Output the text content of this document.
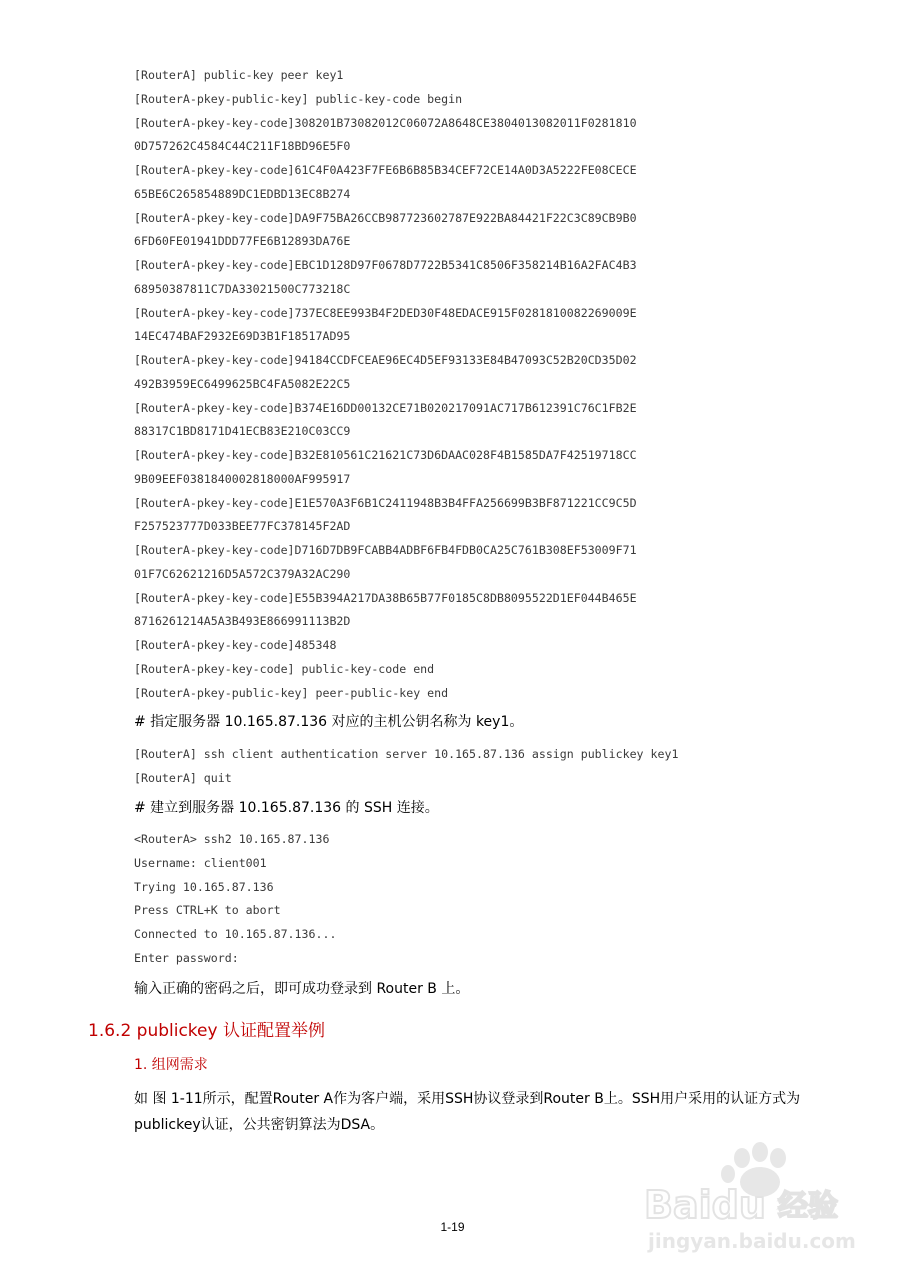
[RouterA] public-key peer key1
[RouterA-pkey-public-key] public-key-code begin
[RouterA-pkey-key-code]308201B73082012C06072A8648CE3804013082011F0281810
0D757262C4584C44C211F18BD96E5F0
[RouterA-pkey-key-code]61C4F0A423F7FE6B6B85B34CEF72CE14A0D3A5222FE08CECE
65BE6C265854889DC1EDBD13EC8B274
[RouterA-pkey-key-code]DA9F75BA26CCB987723602787E922BA84421F22C3C89CB9B0
6FD60FE01941DDD77FE6B12893DA76E
[RouterA-pkey-key-code]EBC1D128D97F0678D7722B5341C8506F358214B16A2FAC4B3
68950387811C7DA33021500C773218C
[RouterA-pkey-key-code]737EC8EE993B4F2DED30F48EDACE915F0281810082269009E
14EC474BAF2932E69D3B1F18517AD95
[RouterA-pkey-key-code]94184CCDFCEAE96EC4D5EF93133E84B47093C52B20CD35D02
492B3959EC6499625BC4FA5082E22C5
[RouterA-pkey-key-code]B374E16DD00132CE71B020217091AC717B612391C76C1FB2E
88317C1BD8171D41ECB83E210C03CC9
[RouterA-pkey-key-code]B32E810561C21621C73D6DAAC028F4B1585DA7F42519718CC
9B09EEF0381840002818000AF995917
[RouterA-pkey-key-code]E1E570A3F6B1C2411948B3B4FFA256699B3BF871221CC9C5D
F257523777D033BEE77FC378145F2AD
[RouterA-pkey-key-code]D716D7DB9FCABB4ADBF6FB4FDB0CA25C761B308EF53009F71
01F7C62621216D5A572C379A32AC290
[RouterA-pkey-key-code]E55B394A217DA38B65B77F0185C8DB8095522D1EF044B465E
8716261214A5A3B493E866991113B2D
[RouterA-pkey-key-code]485348
[RouterA-pkey-key-code] public-key-code end
[RouterA-pkey-public-key] peer-public-key end
# 指定服务器 10.165.87.136 对应的主机公钥名称为 key1。
[RouterA] ssh client authentication server 10.165.87.136 assign publickey key1
[RouterA] quit
# 建立到服务器 10.165.87.136 的 SSH 连接。
<RouterA> ssh2 10.165.87.136
Username: client001
Trying 10.165.87.136
Press CTRL+K to abort
Connected to 10.165.87.136...
Enter password:
输入正确的密码之后，即可成功登录到 Router B 上。
1.6.2 publickey 认证配置举例
1. 组网需求
如 图 1-11所示，配置Router A作为客户端，采用SSH协议登录到Router B上。SSH用户采用的认证方式为publickey认证，公共密钥算法为DSA。
1-19	Baidu 经验
jingyan.baidu.com
